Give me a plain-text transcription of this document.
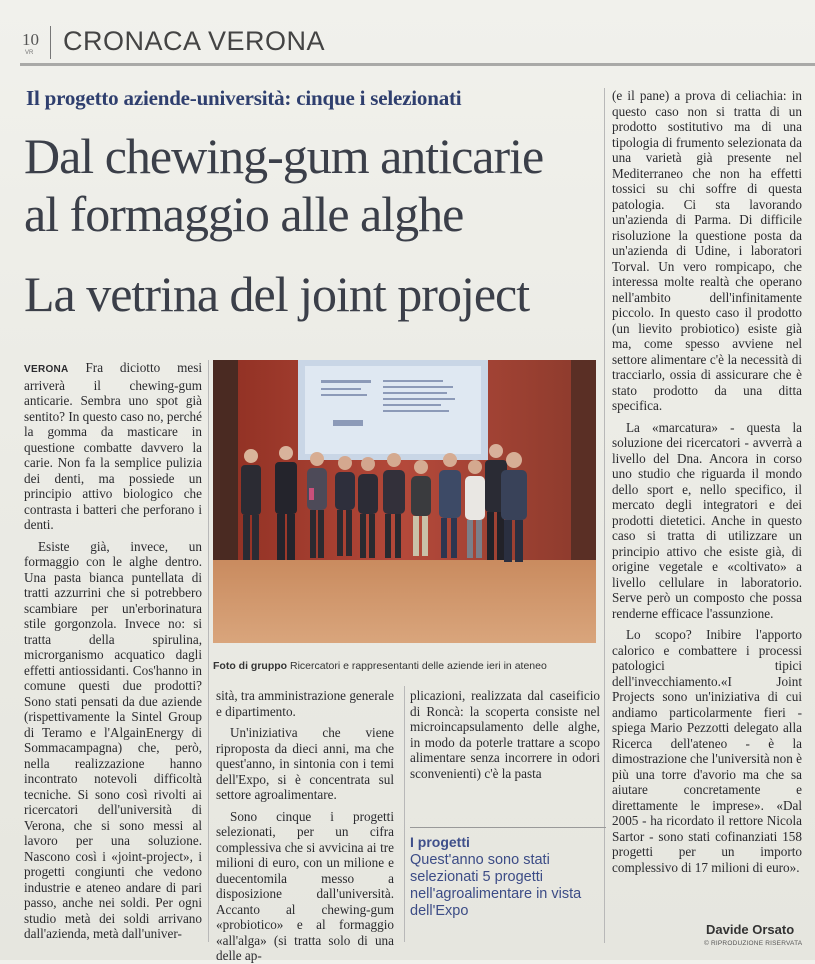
10
VR CRONACA VERONA
Il progetto aziende-università: cinque i selezionati
Dal chewing-gum anticarie
al formaggio alle alghe
La vetrina del joint project

VERONA Fra diciotto mesi arriverà il chewing-gum anticarie. Sembra uno spot già sentito? In questo caso no, perché la gomma da masticare in questione combatte davvero la carie. Non fa la semplice pulizia dei denti, ma possiede un principio attivo biologico che contrasta i batteri che perforano i denti.

Esiste già, invece, un formaggio con le alghe dentro. Una pasta bianca puntellata di tratti azzurrini che si potrebbero scambiare per un'erborinatura stile gorgonzola. Invece no: si tratta della spirulina, microrganismo acquatico dagli effetti antiossidanti. Cos'hanno in comune questi due prodotti? Sono stati pensati da due aziende (rispettivamente la Sintel Group di Teramo e l'AlgainEnergy di Sommacampagna) che, però, nella realizzazione hanno incontrato notevoli difficoltà tecniche. Si sono così rivolti ai ricercatori dell'università di Verona, che si sono messi al lavoro per una soluzione. Nascono così i «joint-project», i progetti congiunti che vedono industrie e ateneo andare di pari passo, anche nei soldi. Per ogni studio metà dei soldi arrivano dall'azienda, metà dall'univer-

Foto di gruppo Ricercatori e rappresentanti delle aziende ieri in ateneo

sità, tra amministrazione generale e dipartimento.

Un'iniziativa che viene riproposta da dieci anni, ma che quest'anno, in sintonia con i temi dell'Expo, si è concentrata sul settore agroalimentare.

Sono cinque i progetti selezionati, per un cifra complessiva che si avvicina ai tre milioni di euro, con un milione e duecentomila messo a disposizione dall'università. Accanto al chewing-gum «probiotico» e al formaggio «all'alga» (si tratta solo di una delle ap-

plicazioni, realizzata dal caseificio di Roncà: la scoperta consiste nel microincapsulamento delle alghe, in modo da poterle trattare a scopo alimentare senza incorrere in odori sconvenienti) c'è la pasta

I progetti
Quest'anno sono stati selezionati 5 progetti nell'agroalimentare in vista dell'Expo

(e il pane) a prova di celiachia: in questo caso non si tratta di un prodotto sostitutivo ma di una tipologia di frumento selezionata da una varietà già presente nel Mediterraneo che non ha effetti tossici su chi soffre di questa patologia. Ci sta lavorando un'azienda di Parma. Di difficile risoluzione la questione posta da un'azienda di Udine, i laboratori Torval. Un vero rompicapo, che interessa molte realtà che operano nell'ambito dell'infinitamente piccolo. In questo caso il prodotto (un lievito probiotico) esiste già ma, come spesso avviene nel settore alimentare c'è la necessità di tracciarlo, ossia di assicurare che è stato prodotto da una ditta specifica.

La «marcatura» - questa la soluzione dei ricercatori - avverrà a livello del Dna. Ancora in corso uno studio che riguarda il mondo dello sport e, nello specifico, il mercato degli integratori e dei prodotti dietetici. Anche in questo caso si tratta di utilizzare un principio attivo che esiste già, di origine vegetale e «coltivato» a livello cellulare in laboratorio. Serve però un composto che possa renderne efficace l'assunzione.

Lo scopo? Inibire l'apporto calorico e combattere i processi patologici tipici dell'invecchiamento.«I Joint Projects sono un'iniziativa di cui andiamo particolarmente fieri - spiega Mario Pezzotti delegato alla Ricerca dell'ateneo - è la dimostrazione che l'università non è più una torre d'avorio ma che sa aiutare concretamente e direttamente le imprese». «Dal 2005 - ha ricordato il rettore Nicola Sartor - sono stati cofinanziati 158 progetti per un importo complessivo di 17 milioni di euro».

Davide Orsato
© RIPRODUZIONE RISERVATA
